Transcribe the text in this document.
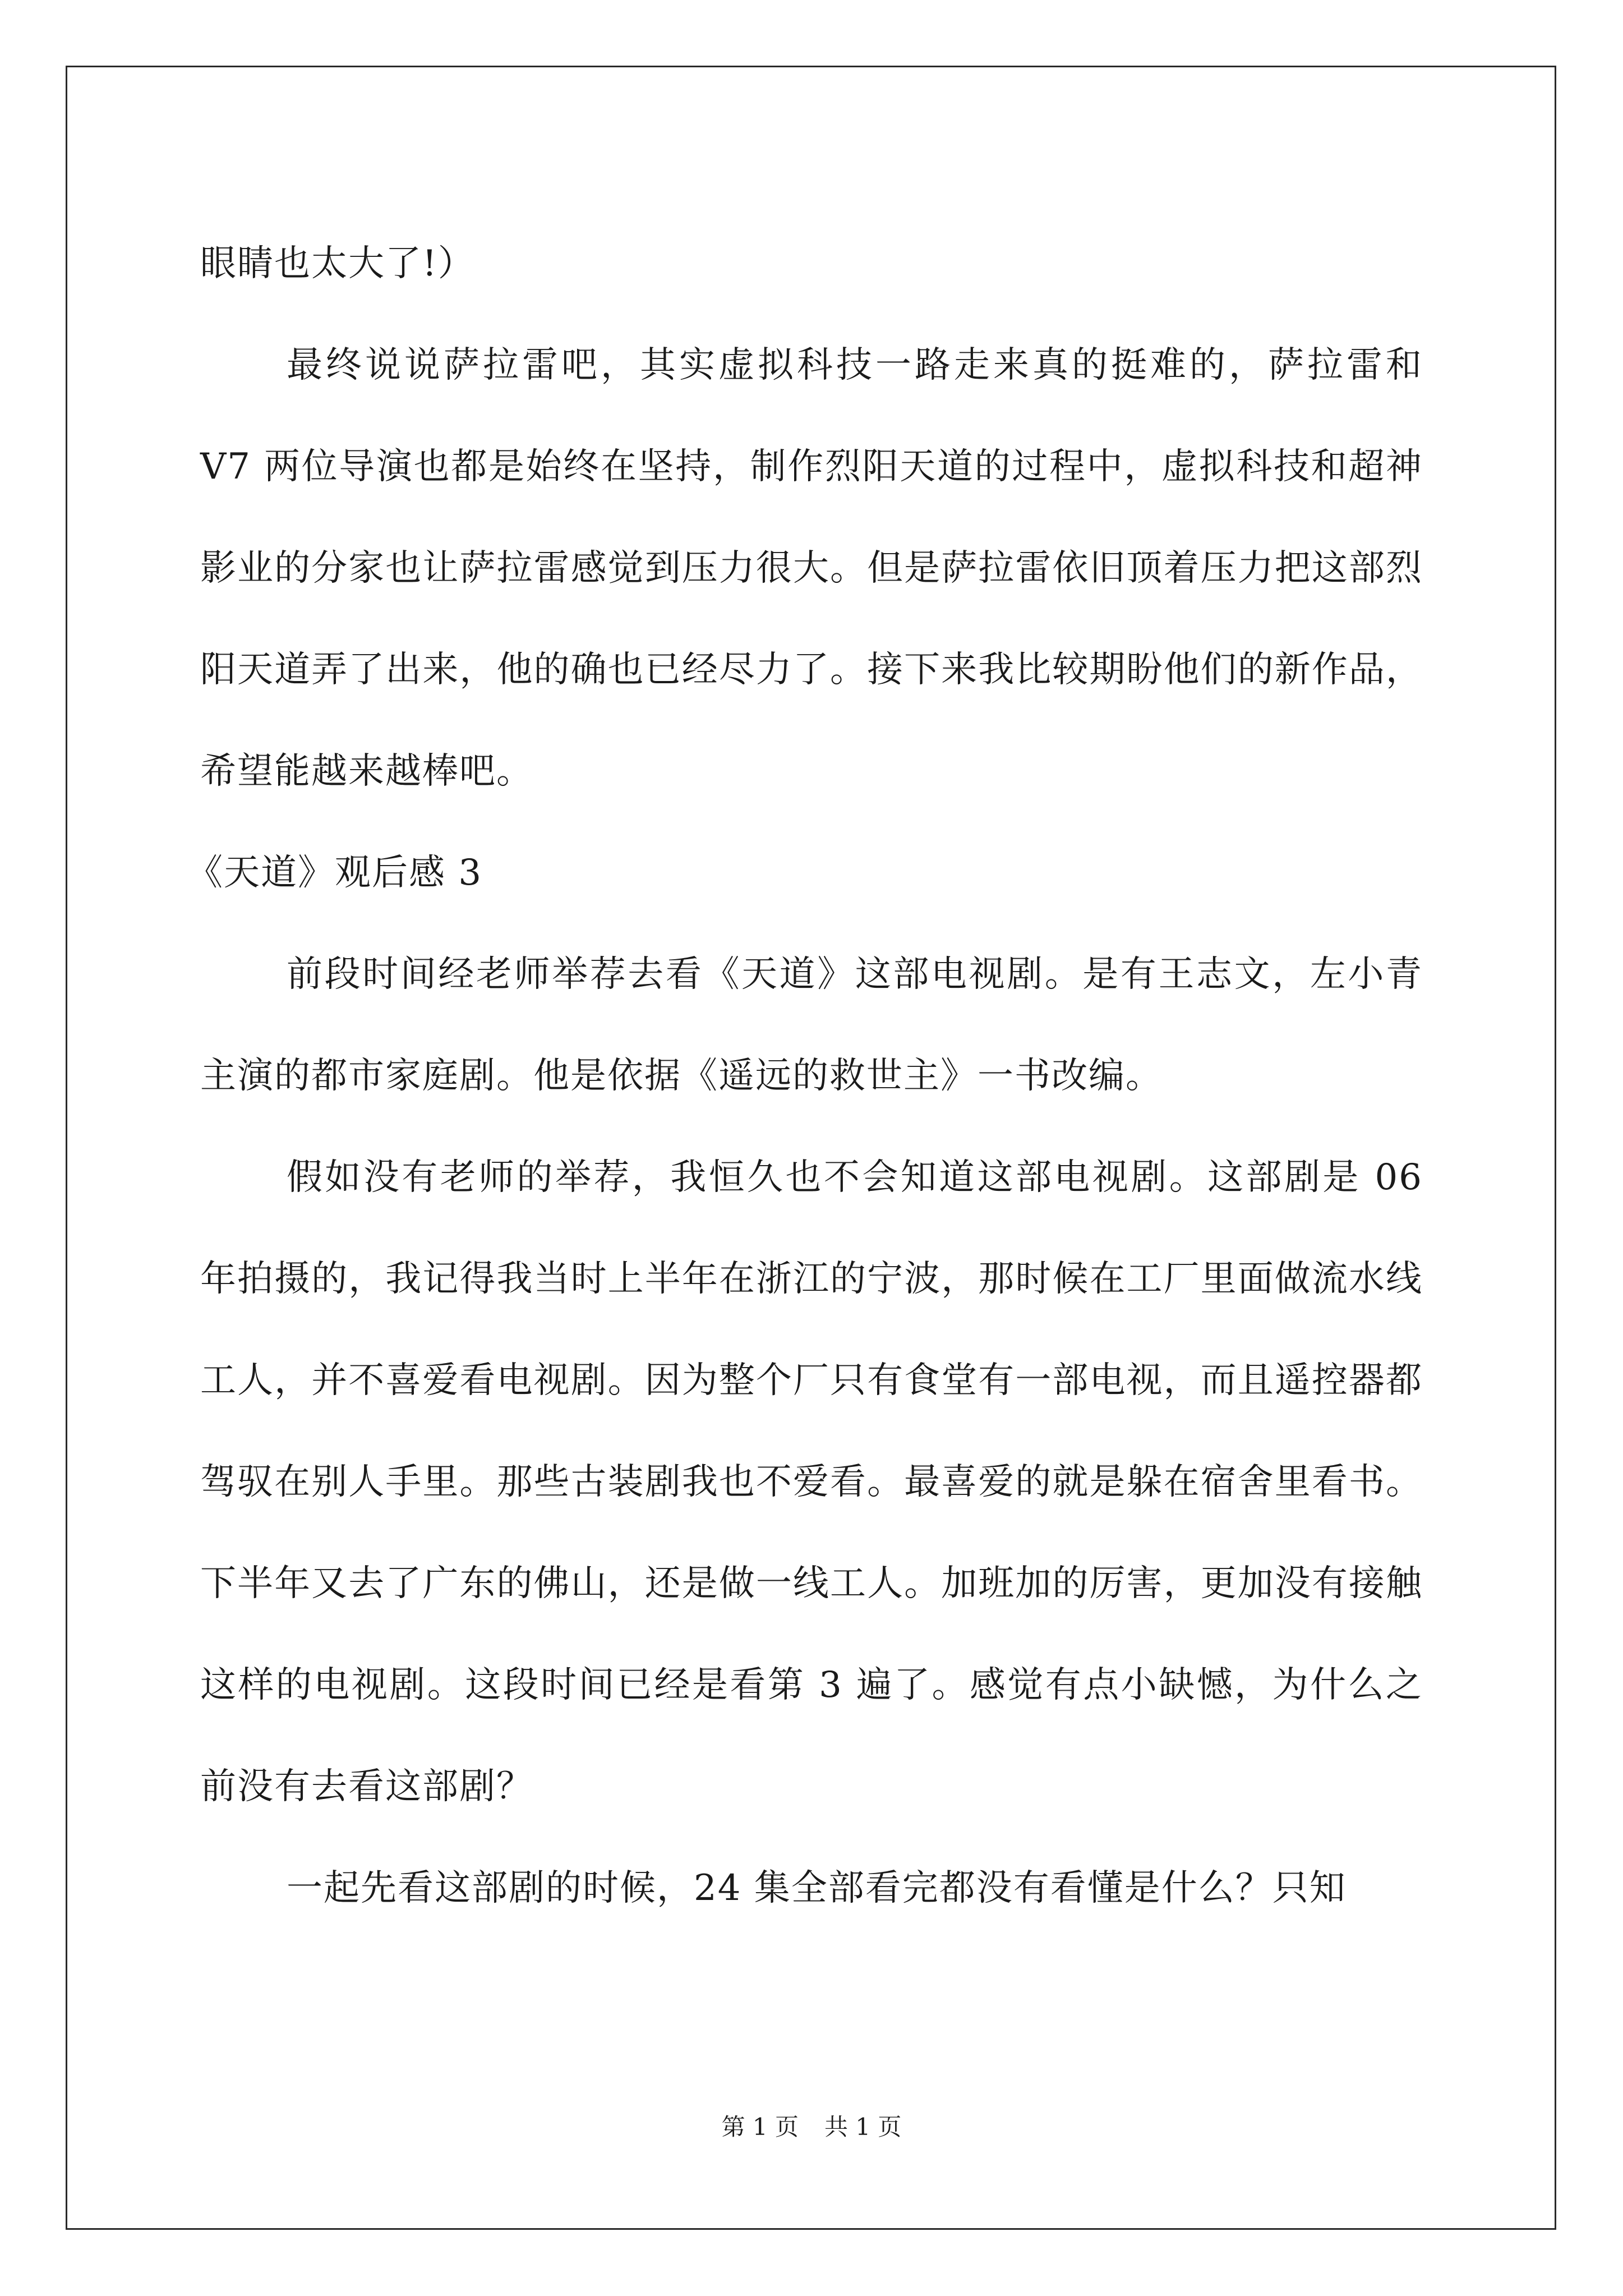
眼睛也太大了!）

最终说说萨拉雷吧，其实虚拟科技一路走来真的挺难的，萨拉雷和 V7 两位导演也都是始终在坚持，制作烈阳天道的过程中，虚拟科技和超神影业的分家也让萨拉雷感觉到压力很大。但是萨拉雷依旧顶着压力把这部烈阳天道弄了出来，他的确也已经尽力了。接下来我比较期盼他们的新作品，希望能越来越棒吧。

《天道》观后感 3

前段时间经老师举荐去看《天道》这部电视剧。是有王志文，左小青主演的都市家庭剧。他是依据《遥远的救世主》一书改编。

假如没有老师的举荐，我恒久也不会知道这部电视剧。这部剧是 06 年拍摄的，我记得我当时上半年在浙江的宁波，那时候在工厂里面做流水线工人，并不喜爱看电视剧。因为整个厂只有食堂有一部电视，而且遥控器都驾驭在别人手里。那些古装剧我也不爱看。最喜爱的就是躲在宿舍里看书。下半年又去了广东的佛山，还是做一线工人。加班加的厉害，更加没有接触这样的电视剧。这段时间已经是看第 3 遍了。感觉有点小缺憾，为什么之前没有去看这部剧？

一起先看这部剧的时候，24 集全部看完都没有看懂是什么？只知

第 1 页 共 1 页
